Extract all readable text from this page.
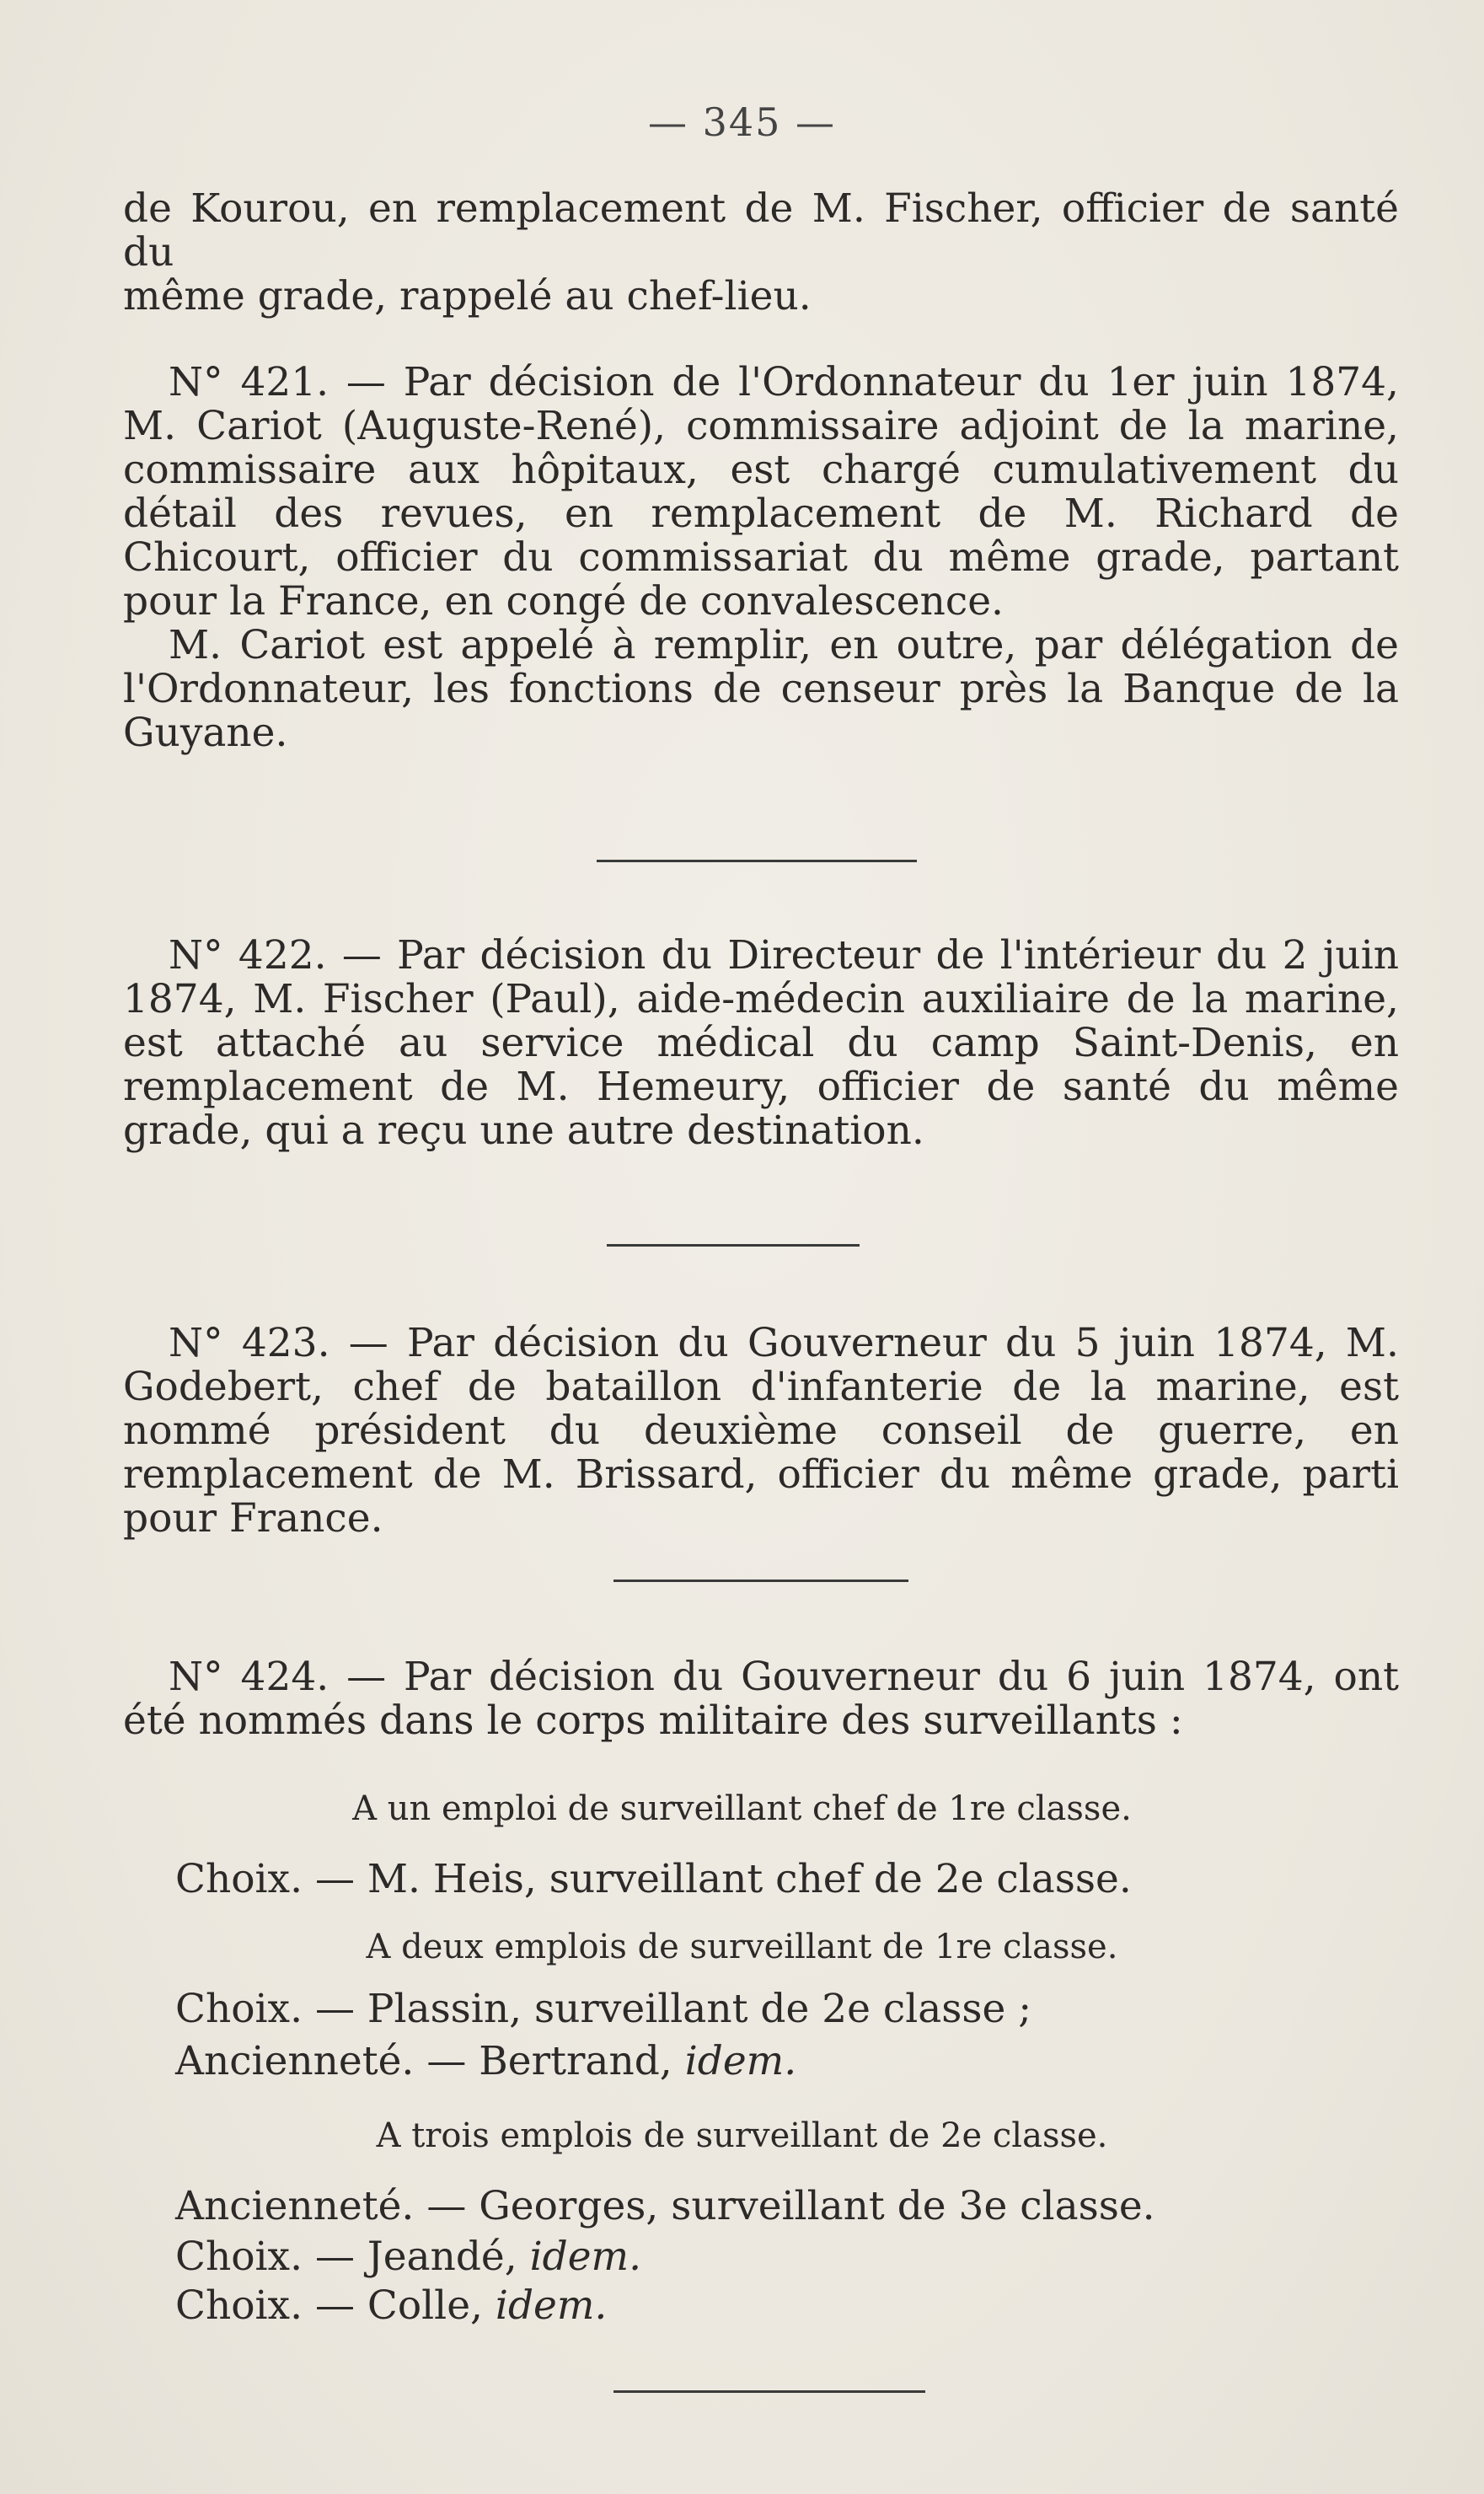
— 345 —

de Kourou, en remplacement de M. Fischer, officier de santé du

même grade, rappelé au chef-lieu.

N° 421. — Par décision de l'Ordonnateur du 1er juin 1874, M. Cariot (Auguste-René), commissaire adjoint de la marine, commissaire aux hôpitaux, est chargé cumulativement du détail des revues, en remplacement de M. Richard de Chicourt, officier du commissariat du même grade, partant pour la France, en congé de convalescence.

M. Cariot est appelé à remplir, en outre, par délégation de l'Ordonnateur, les fonctions de censeur près la Banque de la Guyane.

N° 422. — Par décision du Directeur de l'intérieur du 2 juin 1874, M. Fischer (Paul), aide-médecin auxiliaire de la marine, est attaché au service médical du camp Saint-Denis, en remplacement de M. Hemeury, officier de santé du même grade, qui a reçu une autre destination.

N° 423. — Par décision du Gouverneur du 5 juin 1874, M. Godebert, chef de bataillon d'infanterie de la marine, est nommé président du deuxième conseil de guerre, en remplacement de M. Brissard, officier du même grade, parti pour France.

N° 424. — Par décision du Gouverneur du 6 juin 1874, ont été nommés dans le corps militaire des surveillants :

A un emploi de surveillant chef de 1re classe.
Choix. — M. Heis, surveillant chef de 2e classe.
A deux emplois de surveillant de 1re classe.
Choix. — Plassin, surveillant de 2e classe ;
Ancienneté. — Bertrand, idem.
A trois emplois de surveillant de 2e classe.
Ancienneté. — Georges, surveillant de 3e classe.
Choix. — Jeandé, idem.
Choix. — Colle, idem.
